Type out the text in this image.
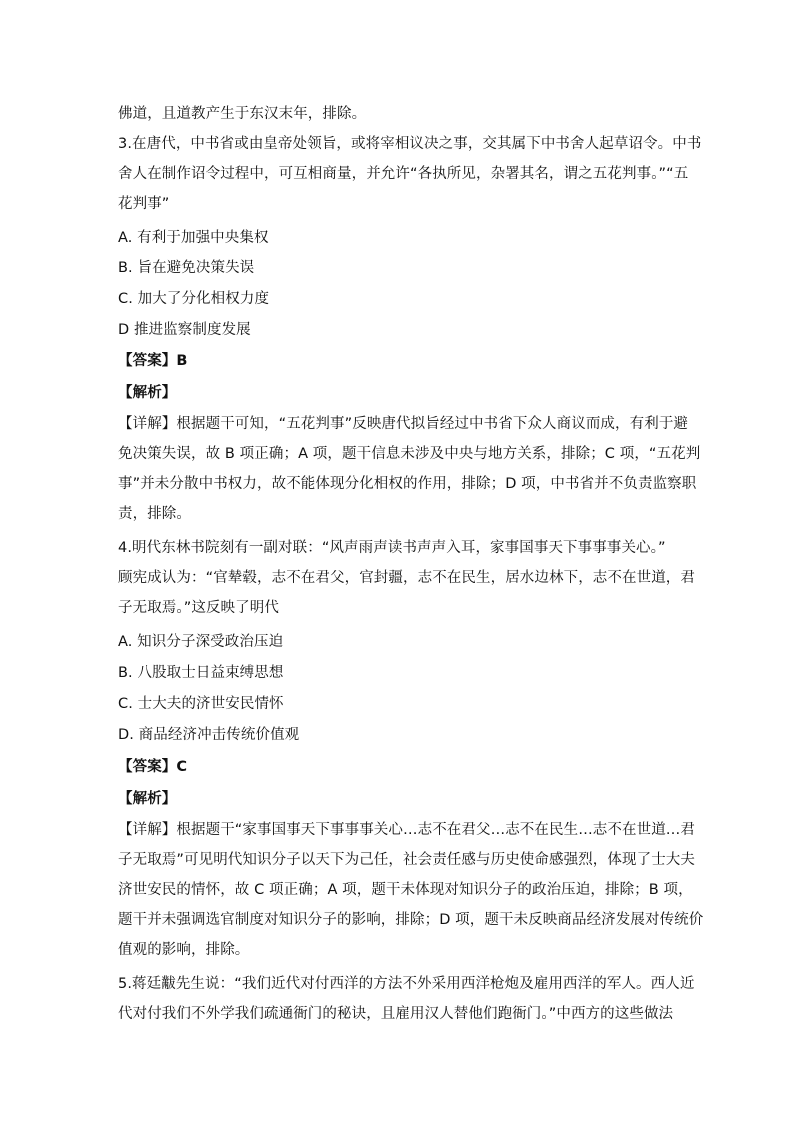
佛道，且道教产生于东汉末年，排除。
3.在唐代，中书省或由皇帝处领旨，或将宰相议决之事，交其属下中书舍人起草诏令。中书
舍人在制作诏令过程中，可互相商量，并允许“各执所见，杂署其名，谓之五花判事。”“五
花判事”
A. 有利于加强中央集权
B. 旨在避免决策失误
C. 加大了分化相权力度
D 推进监察制度发展
【答案】B
【解析】
【详解】根据题干可知，“五花判事”反映唐代拟旨经过中书省下众人商议而成，有利于避
免决策失误，故 B 项正确；A 项，题干信息未涉及中央与地方关系，排除；C 项，“五花判
事”并未分散中书权力，故不能体现分化相权的作用，排除；D 项，中书省并不负责监察职
责，排除。
4.明代东林书院刻有一副对联：“风声雨声读书声声入耳，家事国事天下事事事关心。”
顾宪成认为：“官辇毂，志不在君父，官封疆，志不在民生，居水边林下，志不在世道，君
子无取焉。”这反映了明代
A. 知识分子深受政治压迫
B. 八股取士日益束缚思想
C. 士大夫的济世安民情怀
D. 商品经济冲击传统价值观
【答案】C
【解析】
【详解】根据题干“家事国事天下事事事关心…志不在君父…志不在民生…志不在世道…君
子无取焉”可见明代知识分子以天下为己任，社会责任感与历史使命感强烈，体现了士大夫
济世安民的情怀，故 C 项正确；A 项，题干未体现对知识分子的政治压迫，排除；B 项，
题干并未强调选官制度对知识分子的影响，排除；D 项，题干未反映商品经济发展对传统价
值观的影响，排除。
5.蒋廷黻先生说：“我们近代对付西洋的方法不外采用西洋枪炮及雇用西洋的军人。西人近
代对付我们不外学我们疏通衙门的秘诀，且雇用汉人替他们跑衙门。”中西方的这些做法
